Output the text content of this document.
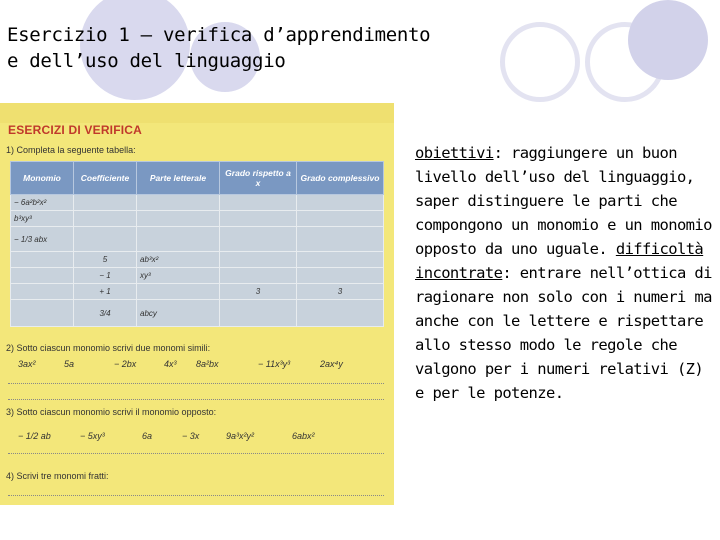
Esercizio 1 – verifica d’apprendimento
e dell’uso del linguaggio
ESERCIZI DI VERIFICA
1) Completa la seguente tabella:
Monomio	Coefficiente	Parte letterale	Grado rispetto a x	Grado complessivo
− 6a²b²x²				
b³xy³				
− 1/3 abx				
	5	ab³x²		
	− 1	xy³		
	+ 1		3	3
	3/4	abcy		
2) Sotto ciascun monomio scrivi due monomi simili:
3ax²	5a	− 2bx	4x³	8a²bx	− 11x³y³	2ax⁴y
3) Sotto ciascun monomio scrivi il monomio opposto:
− 1/2 ab	− 5xy³	6a	− 3x	9a³x²y²	6abx²
4) Scrivi tre monomi fratti:
obiettivi: raggiungere un buon livello dell’uso del linguaggio, saper distinguere le parti che compongono un monomio e un monomio opposto da uno uguale. difficoltà incontrate: entrare nell’ottica di ragionare non solo con i numeri ma anche con le lettere e rispettare allo stesso modo le regole che valgono per i numeri relativi (Z) e per le potenze.
